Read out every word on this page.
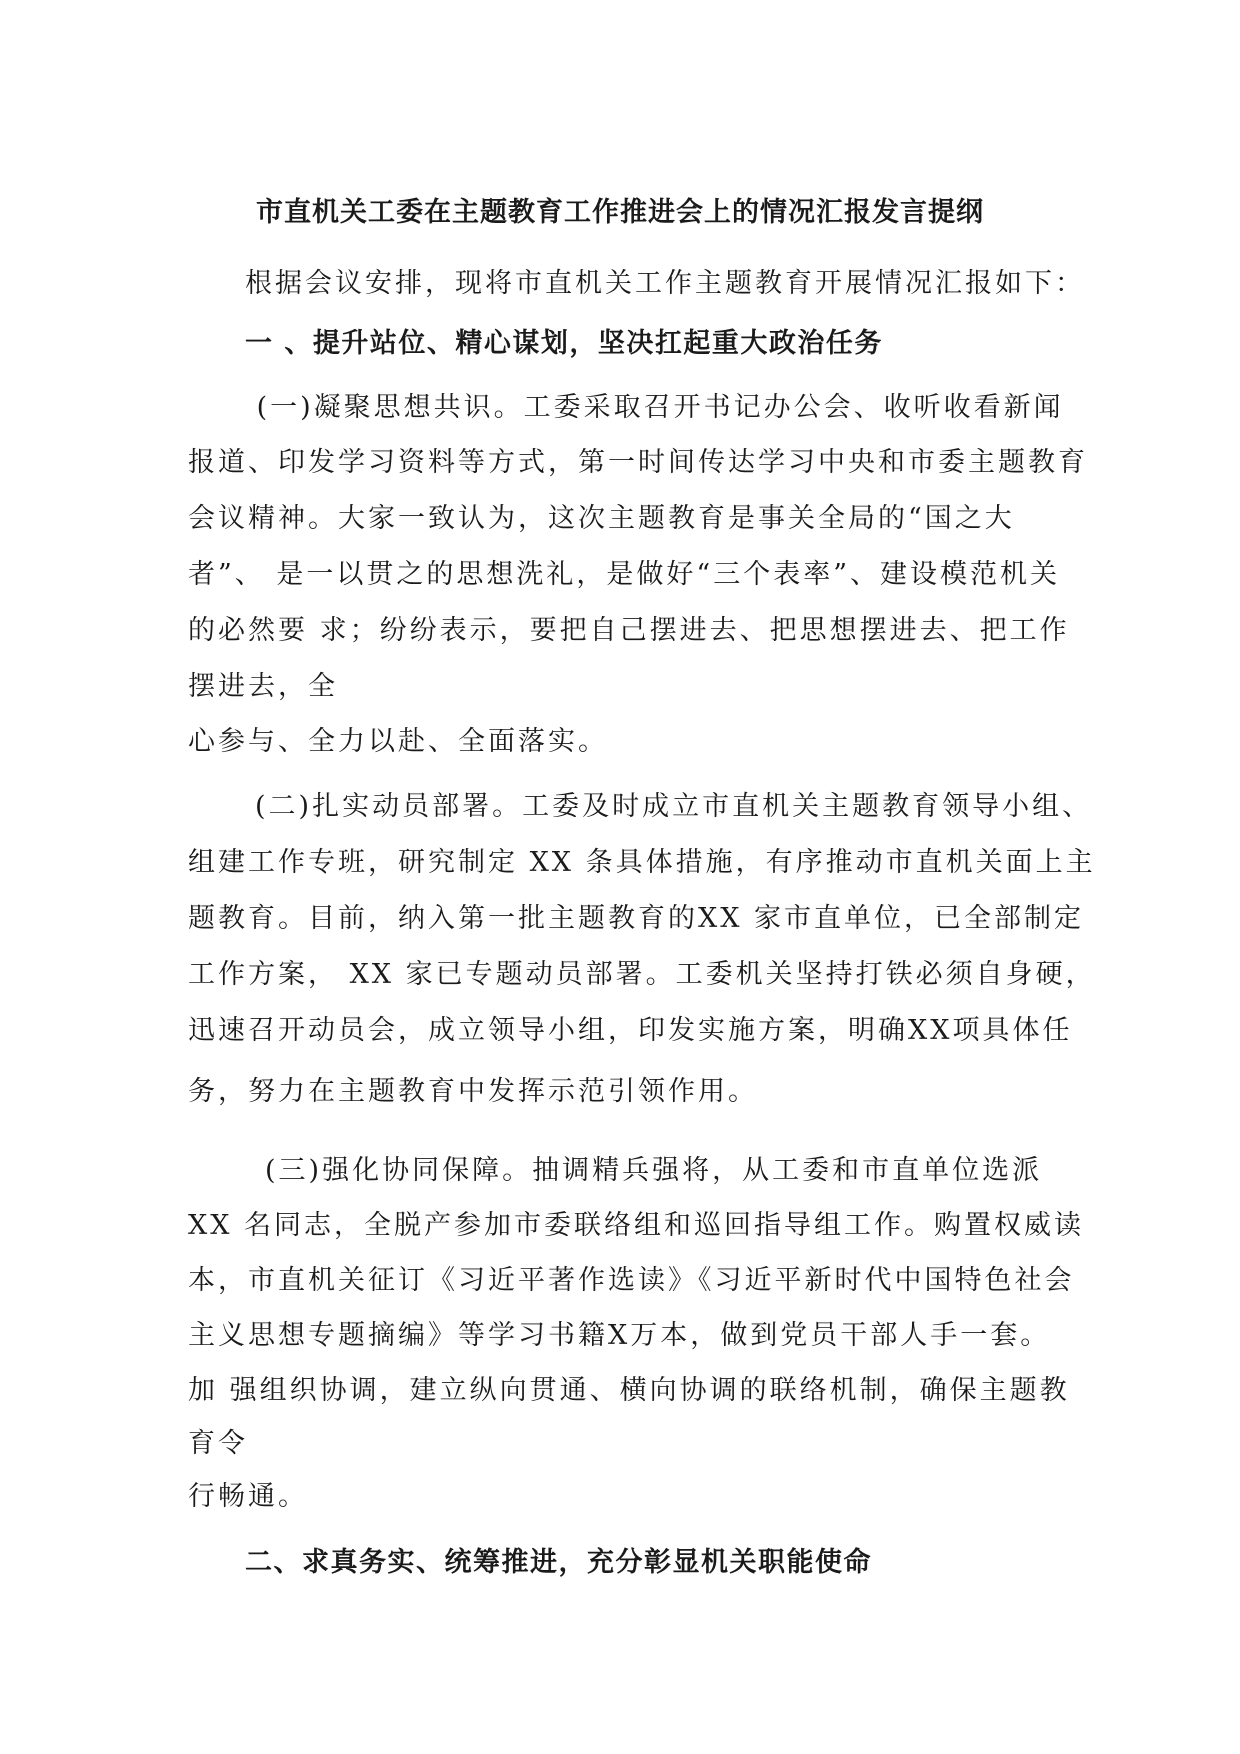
市直机关工委在主题教育工作推进会上的情况汇报发言提纲
根据会议安排，现将市直机关工作主题教育开展情况汇报如下：
一 、提升站位、精心谋划，坚决扛起重大政治任务
(一)凝聚思想共识。工委采取召开书记办公会、收听收看新闻
报道、印发学习资料等方式，第一时间传达学习中央和市委主题教育
会议精神。大家一致认为，这次主题教育是事关全局的“国之大
者”、 是一以贯之的思想洗礼，是做好“三个表率”、建设模范机关
的必然要 求；纷纷表示，要把自己摆进去、把思想摆进去、把工作
摆进去，全
心参与、全力以赴、全面落实。
(二)扎实动员部署。工委及时成立市直机关主题教育领导小组、
组建工作专班，研究制定 XX 条具体措施，有序推动市直机关面上主
题教育。目前，纳入第一批主题教育的XX 家市直单位，已全部制定
工作方案， XX 家已专题动员部署。工委机关坚持打铁必须自身硬，
迅速召开动员会，成立领导小组，印发实施方案，明确XX项具体任
务，努力在主题教育中发挥示范引领作用。
(三)强化协同保障。抽调精兵强将，从工委和市直单位选派
XX 名同志，全脱产参加市委联络组和巡回指导组工作。购置权威读
本，市直机关征订《习近平著作选读》《习近平新时代中国特色社会
主义思想专题摘编》等学习书籍X万本，做到党员干部人手一套。
加 强组织协调，建立纵向贯通、横向协调的联络机制，确保主题教
育令
行畅通。
二、求真务实、统筹推进，充分彰显机关职能使命
